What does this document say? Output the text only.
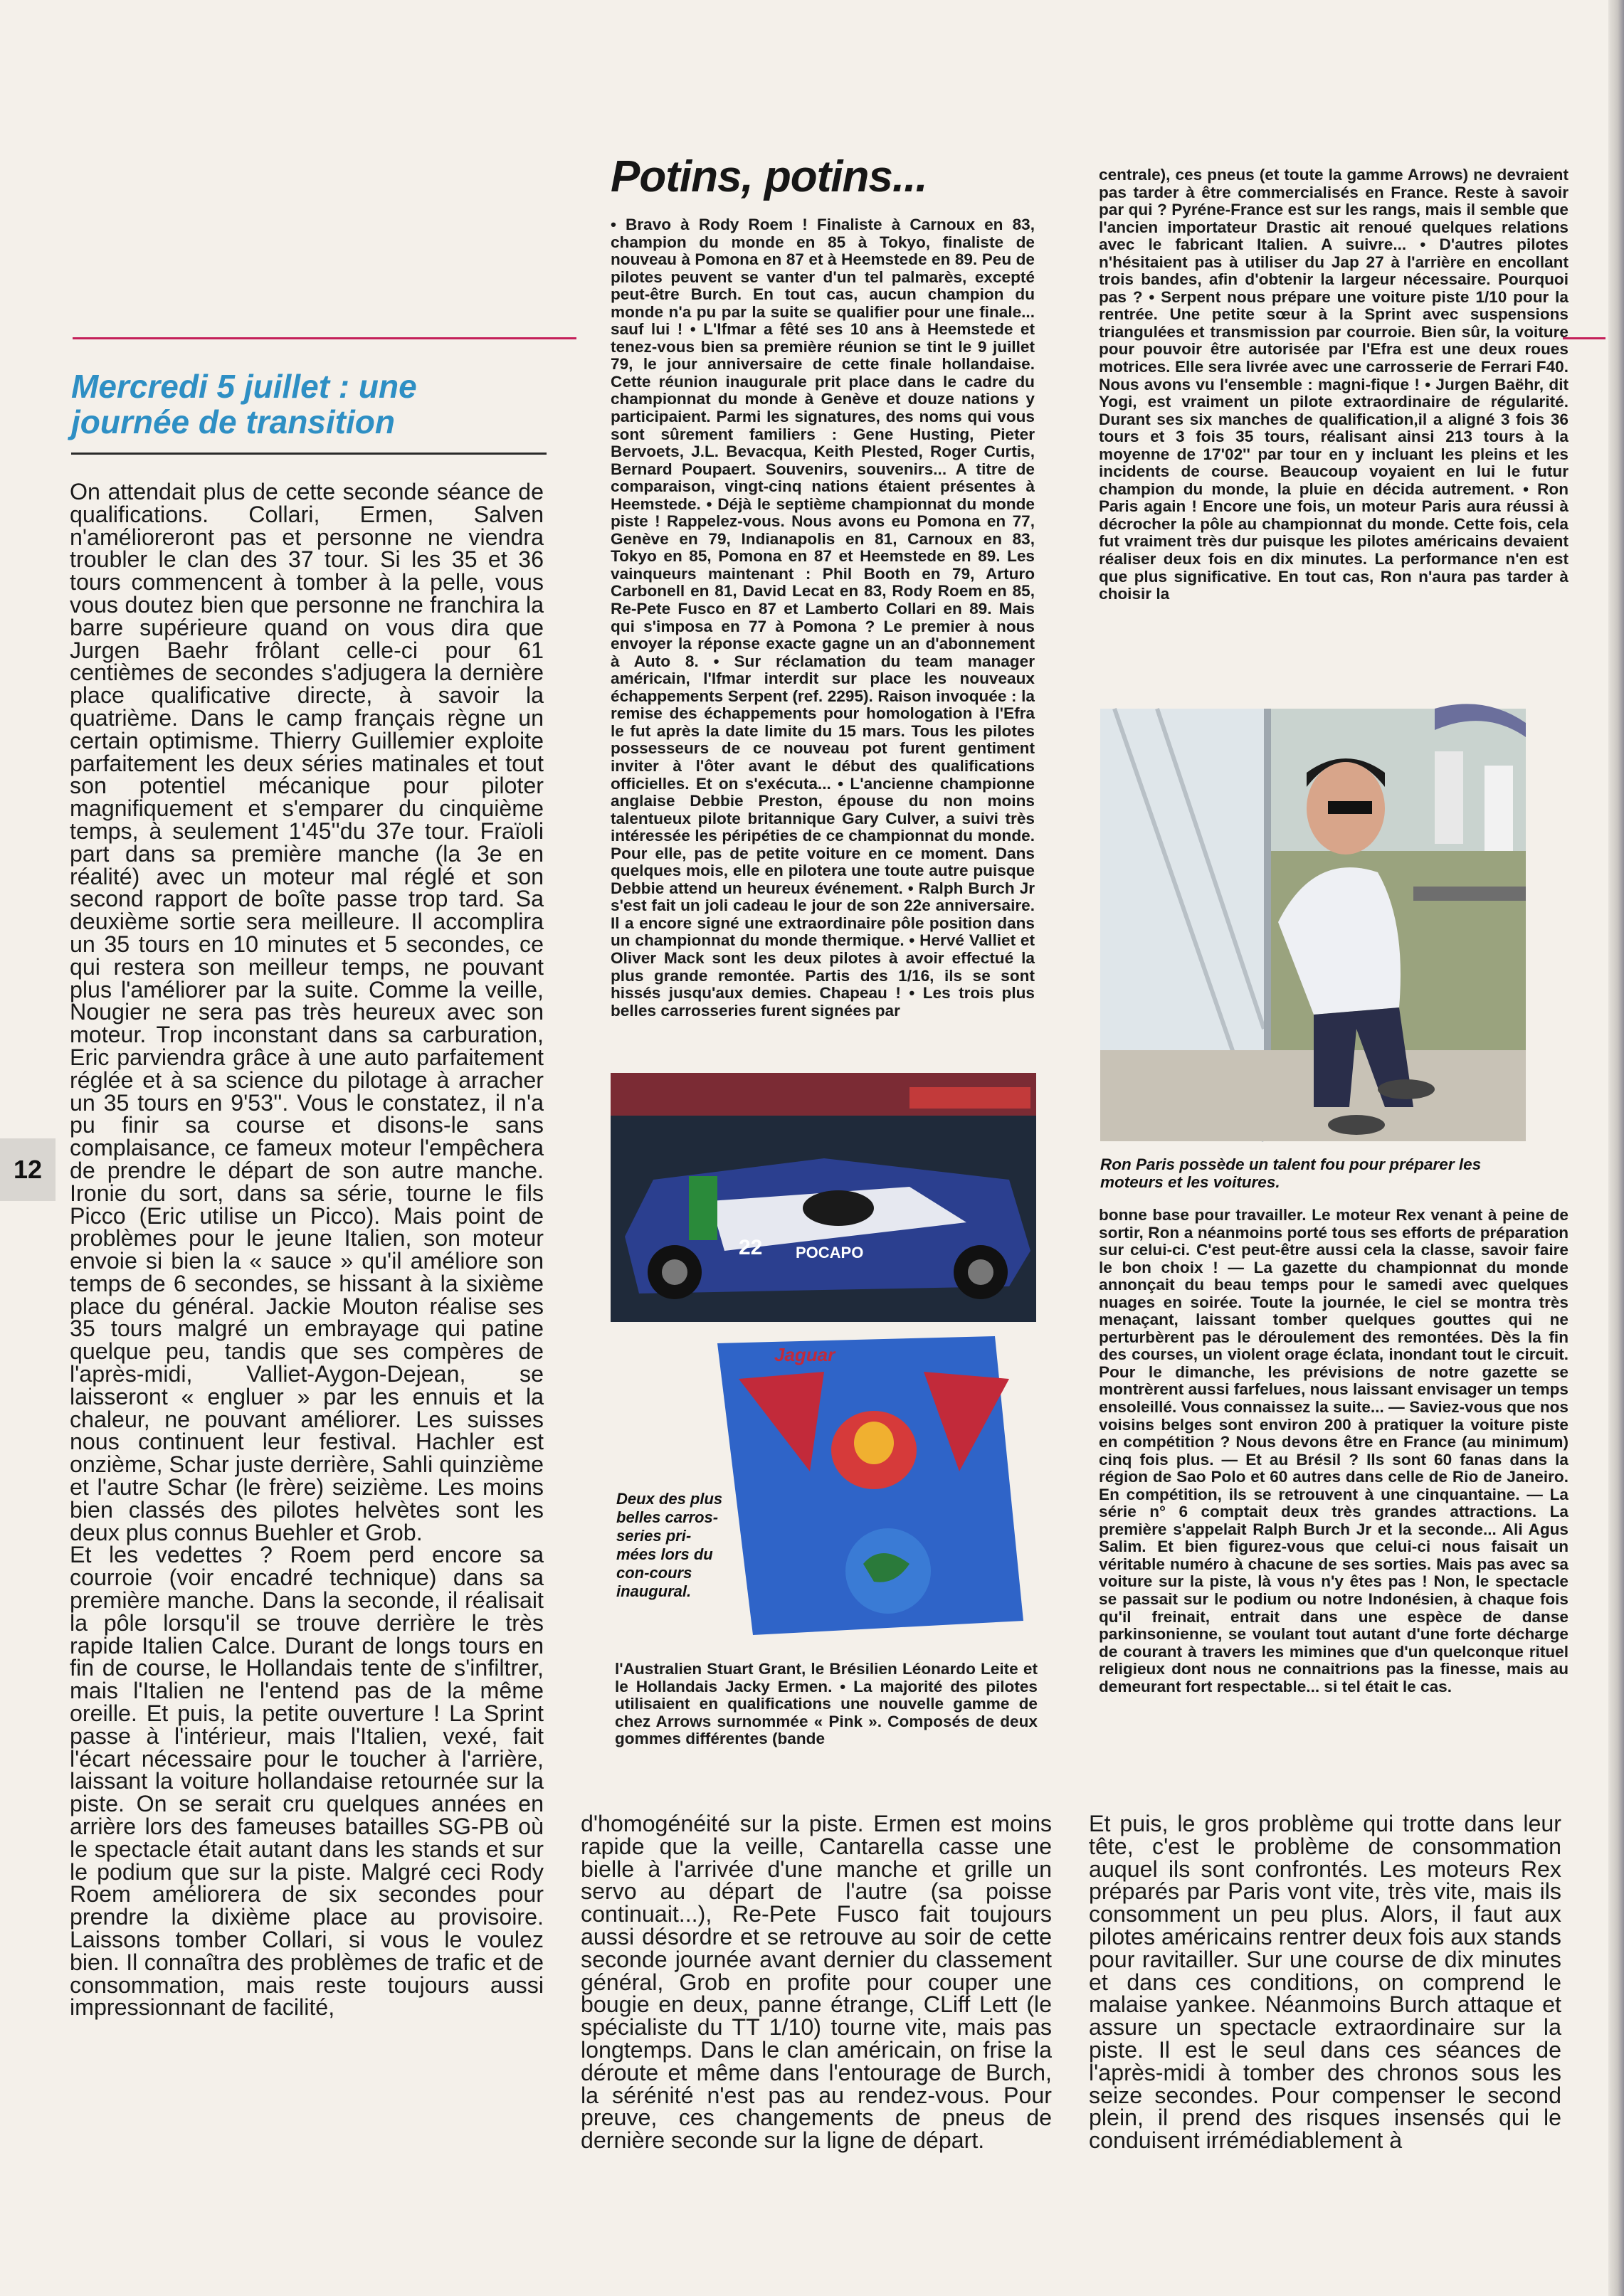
Mercredi 5 juillet : une
journée de transition

On attendait plus de cette seconde séance de qualifications. Collari, Ermen, Salven n'amélioreront pas et personne ne viendra troubler le clan des 37 tour. Si les 35 et 36 tours commencent à tomber à la pelle, vous vous doutez bien que personne ne franchira la barre supérieure quand on vous dira que Jurgen Baehr frôlant celle-ci pour 61 centièmes de secondes s'adjugera la dernière place qualificative directe, à savoir la quatrième. Dans le camp français règne un certain optimisme. Thierry Guillemier exploite parfaitement les deux séries matinales et tout son potentiel mécanique pour piloter magnifiquement et s'emparer du cinquième temps, à seulement 1'45''du 37e tour. Fraïoli part dans sa première manche (la 3e en réalité) avec un moteur mal réglé et son second rapport de boîte passe trop tard. Sa deuxième sortie sera meilleure. Il accomplira un 35 tours en 10 minutes et 5 secondes, ce qui restera son meilleur temps, ne pouvant plus l'améliorer par la suite. Comme la veille, Nougier ne sera pas très heureux avec son moteur. Trop inconstant dans sa carburation, Eric parviendra grâce à une auto parfaitement réglée et à sa science du pilotage à arracher un 35 tours en 9'53''. Vous le constatez, il n'a pu finir sa course et disons-le sans complaisance, ce fameux moteur l'empêchera de prendre le départ de son autre manche. Ironie du sort, dans sa série, tourne le fils Picco (Eric utilise un Picco). Mais point de problèmes pour le jeune Italien, son moteur envoie si bien la « sauce » qu'il améliore son temps de 6 secondes, se hissant à la sixième place du général. Jackie Mouton réalise ses 35 tours malgré un embrayage qui patine quelque peu, tandis que ses compères de l'après-midi, Valliet-Aygon-Dejean, se laisseront « engluer » par les ennuis et la chaleur, ne pouvant améliorer. Les suisses nous continuent leur festival. Hachler est onzième, Schar juste derrière, Sahli quinzième et l'autre Schar (le frère) seizième. Les moins bien classés des pilotes helvètes sont les deux plus connus Buehler et Grob.

Et les vedettes ? Roem perd encore sa courroie (voir encadré technique) dans sa première manche. Dans la seconde, il réalisait la pôle lorsqu'il se trouve derrière le très rapide Italien Calce. Durant de longs tours en fin de course, le Hollandais tente de s'infiltrer, mais l'Italien ne l'entend pas de la même oreille. Et puis, la petite ouverture ! La Sprint passe à l'intérieur, mais l'Italien, vexé, fait l'écart nécessaire pour le toucher à l'arrière, laissant la voiture hollandaise retournée sur la piste. On se serait cru quelques années en arrière lors des fameuses batailles SG-PB où le spectacle était autant dans les stands et sur le podium que sur la piste. Malgré ceci Rody Roem améliorera de six secondes pour prendre la dixième place au provisoire. Laissons tomber Collari, si vous le voulez bien. Il connaîtra des problèmes de trafic et de consommation, mais reste toujours aussi impressionnant de facilité,

12
Potins, potins...

• Bravo à Rody Roem ! Finaliste à Carnoux en 83, champion du monde en 85 à Tokyo, finaliste de nouveau à Pomona en 87 et à Heemstede en 89. Peu de pilotes peuvent se vanter d'un tel palmarès, excepté peut-être Burch. En tout cas, aucun champion du monde n'a pu par la suite se qualifier pour une finale... sauf lui ! • L'Ifmar a fêté ses 10 ans à Heemstede et tenez-vous bien sa première réunion se tint le 9 juillet 79, le jour anniversaire de cette finale hollandaise. Cette réunion inaugurale prit place dans le cadre du championnat du monde à Genève et douze nations y participaient. Parmi les signatures, des noms qui vous sont sûrement familiers : Gene Husting, Pieter Bervoets, J.L. Bevacqua, Keith Plested, Roger Curtis, Bernard Poupaert. Souvenirs, souvenirs... A titre de comparaison, vingt-cinq nations étaient présentes à Heemstede. • Déjà le septième championnat du monde piste ! Rappelez-vous. Nous avons eu Pomona en 77, Genève en 79, Indianapolis en 81, Carnoux en 83, Tokyo en 85, Pomona en 87 et Heemstede en 89. Les vainqueurs maintenant : Phil Booth en 79, Arturo Carbonell en 81, David Lecat en 83, Rody Roem en 85, Re-Pete Fusco en 87 et Lamberto Collari en 89. Mais qui s'imposa en 77 à Pomona ? Le premier à nous envoyer la réponse exacte gagne un an d'abonnement à Auto 8. • Sur réclamation du team manager américain, l'Ifmar interdit sur place les nouveaux échappements Serpent (ref. 2295). Raison invoquée : la remise des échappements pour homologation à l'Efra le fut après la date limite du 15 mars. Tous les pilotes possesseurs de ce nouveau pot furent gentiment inviter à l'ôter avant le début des qualifications officielles. Et on s'exécuta... • L'ancienne championne anglaise Debbie Preston, épouse du non moins talentueux pilote britannique Gary Culver, a suivi très intéressée les péripéties de ce championnat du monde. Pour elle, pas de petite voiture en ce moment. Dans quelques mois, elle en pilotera une toute autre puisque Debbie attend un heureux événement. • Ralph Burch Jr s'est fait un joli cadeau le jour de son 22e anniversaire. Il a encore signé une extraordinaire pôle position dans un championnat du monde thermique. • Hervé Valliet et Oliver Mack sont les deux pilotes à avoir effectué la plus grande remontée. Partis des 1/16, ils se sont hissés jusqu'aux demies. Chapeau ! • Les trois plus belles carrosseries furent signées par

centrale), ces pneus (et toute la gamme Arrows) ne devraient pas tarder à être commercialisés en France. Reste à savoir par qui ? Pyréne-France est sur les rangs, mais il semble que l'ancien importateur Drastic ait renoué quelques relations avec le fabricant Italien. A suivre... • D'autres pilotes n'hésitaient pas à utiliser du Jap 27 à l'arrière en encollant trois bandes, afin d'obtenir la largeur nécessaire. Pourquoi pas ? • Serpent nous prépare une voiture piste 1/10 pour la rentrée. Une petite sœur à la Sprint avec suspensions triangulées et transmission par courroie. Bien sûr, la voiture pour pouvoir être autorisée par l'Efra est une deux roues motrices. Elle sera livrée avec une carrosserie de Ferrari F40. Nous avons vu l'ensemble : magni-fique ! • Jurgen Baëhr, dit Yogi, est vraiment un pilote extraordinaire de régularité. Durant ses six manches de qualification,il a aligné 3 fois 36 tours et 3 fois 35 tours, réalisant ainsi 213 tours à la moyenne de 17'02'' par tour en y incluant les pleins et les incidents de course. Beaucoup voyaient en lui le futur champion du monde, la pluie en décida autrement. • Ron Paris again ! Encore une fois, un moteur Paris aura réussi à décrocher la pôle au championnat du monde. Cette fois, cela fut vraiment très dur puisque les pilotes américains devaient réaliser deux fois en dix minutes. La performance n'en est que plus significative. En tout cas, Ron n'aura pas tarder à choisir la

22 POCAPO
Jaguar

Deux des plus belles carros-series pri-mées lors du con-cours inaugural.

l'Australien Stuart Grant, le Brésilien Léonardo Leite et le Hollandais Jacky Ermen. • La majorité des pilotes utilisaient en qualifications une nouvelle gamme de chez Arrows surnommée « Pink ». Composés de deux gommes différentes (bande

Ron Paris possède un talent fou pour préparer les moteurs et les voitures.

bonne base pour travailler. Le moteur Rex venant à peine de sortir, Ron a néanmoins porté tous ses efforts de préparation sur celui-ci. C'est peut-être aussi cela la classe, savoir faire le bon choix ! — La gazette du championnat du monde annonçait du beau temps pour le samedi avec quelques nuages en soirée. Toute la journée, le ciel se montra très menaçant, laissant tomber quelques gouttes qui ne perturbèrent pas le déroulement des remontées. Dès la fin des courses, un violent orage éclata, inondant tout le circuit. Pour le dimanche, les prévisions de notre gazette se montrèrent aussi farfelues, nous laissant envisager un temps ensoleillé. Vous connaissez la suite... — Saviez-vous que nos voisins belges sont environ 200 à pratiquer la voiture piste en compétition ? Nous devons être en France (au minimum) cinq fois plus. — Et au Brésil ? Ils sont 60 fanas dans la région de Sao Polo et 60 autres dans celle de Rio de Janeiro. En compétition, ils se retrouvent à une cinquantaine. — La série n° 6 comptait deux très grandes attractions. La première s'appelait Ralph Burch Jr et la seconde... Ali Agus Salim. Et bien figurez-vous que celui-ci nous faisait un véritable numéro à chacune de ses sorties. Mais pas avec sa voiture sur la piste, là vous n'y êtes pas ! Non, le spectacle se passait sur le podium ou notre Indonésien, à chaque fois qu'il freinait, entrait dans une espèce de danse parkinsonienne, se voulant tout autant d'une forte décharge de courant à travers les mimines que d'un quelconque rituel religieux dont nous ne connaitrions pas la finesse, mais au demeurant fort respectable... si tel était le cas.

d'homogénéité sur la piste. Ermen est moins rapide que la veille, Cantarella casse une bielle à l'arrivée d'une manche et grille un servo au départ de l'autre (sa poisse continuait...), Re-Pete Fusco fait toujours aussi désordre et se retrouve au soir de cette seconde journée avant dernier du classement général, Grob en profite pour couper une bougie en deux, panne étrange, CLiff Lett (le spécialiste du TT 1/10) tourne vite, mais pas longtemps. Dans le clan américain, on frise la déroute et même dans l'entourage de Burch, la sérénité n'est pas au rendez-vous. Pour preuve, ces changements de pneus de dernière seconde sur la ligne de départ.

Et puis, le gros problème qui trotte dans leur tête, c'est le problème de consommation auquel ils sont confrontés. Les moteurs Rex préparés par Paris vont vite, très vite, mais ils consomment un peu plus. Alors, il faut aux pilotes américains rentrer deux fois aux stands pour ravitailler. Sur une course de dix minutes et dans ces conditions, on comprend le malaise yankee. Néanmoins Burch attaque et assure un spectacle extraordinaire sur la piste. Il est le seul dans ces séances de l'après-midi à tomber des chronos sous les seize secondes. Pour compenser le second plein, il prend des risques insensés qui le conduisent irrémédiablement à
